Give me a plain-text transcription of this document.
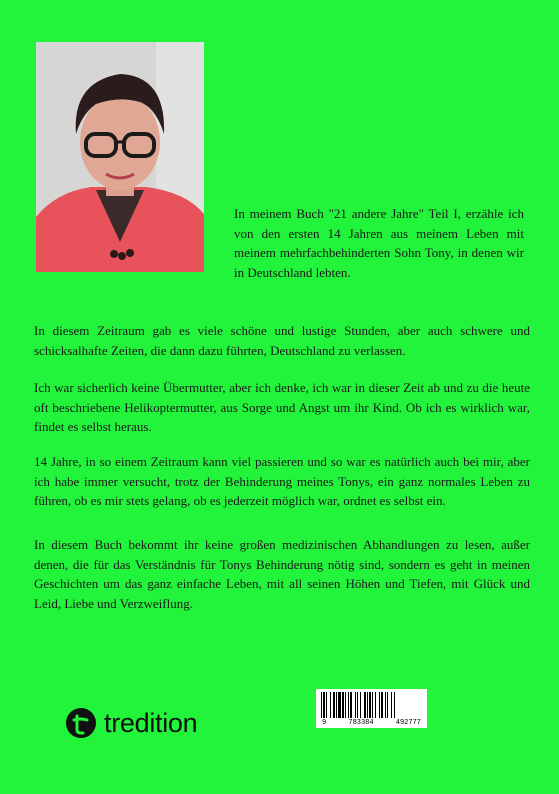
In meinem Buch "21 andere Jahre" Teil I, erzähle ich von den ersten 14 Jahren aus meinem Leben mit meinem mehrfachbehinderten Sohn Tony, in denen wir in Deutschland lebten.
In diesem Zeitraum gab es viele schöne und lustige Stunden, aber auch schwere und schicksalhafte Zeiten, die dann dazu führten, Deutschland zu verlassen.
Ich war sicherlich keine Übermutter, aber ich denke, ich war in dieser Zeit ab und zu die heute oft beschriebene Helikoptermutter, aus Sorge und Angst um ihr Kind. Ob ich es wirklich war, findet es selbst heraus.
14 Jahre, in so einem Zeitraum kann viel passieren und so war es natürlich auch bei mir, aber ich habe immer versucht, trotz der Behinderung meines Tonys, ein ganz normales Leben zu führen, ob es mir stets gelang, ob es jederzeit möglich war, ordnet es selbst ein.
In diesem Buch bekommt ihr keine großen medizinischen Abhandlungen zu lesen, außer denen, die für das Verständnis für Tonys Behinderung nötig sind, sondern es geht in meinen Geschichten um das ganz einfache Leben, mit all seinen Höhen und Tiefen, mit Glück und Leid, Liebe und Verzweiflung.
tredition	9	783384	492777
